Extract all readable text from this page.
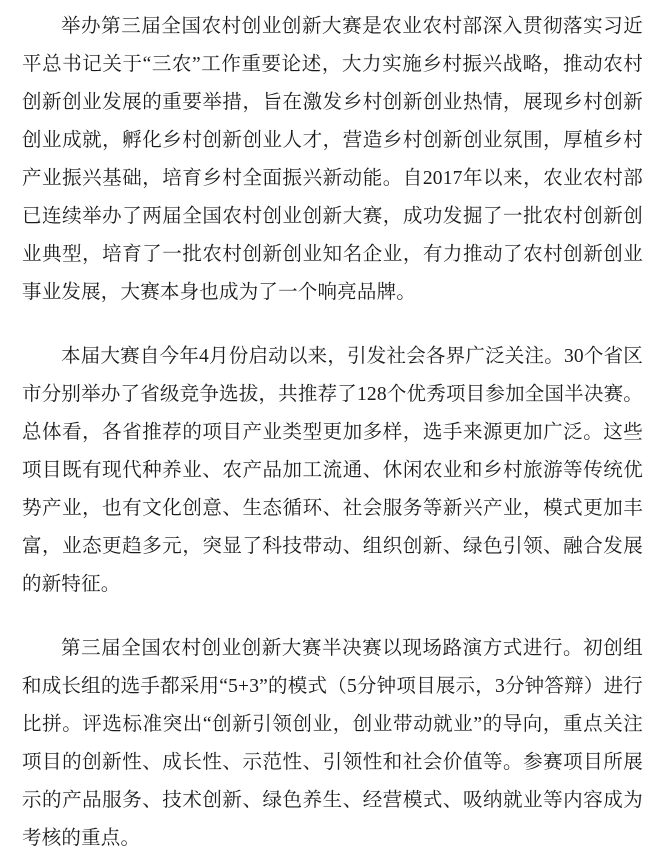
举办第三届全国农村创业创新大赛是农业农村部深入贯彻落实习近平总书记关于“三农”工作重要论述，大力实施乡村振兴战略，推动农村创新创业发展的重要举措，旨在激发乡村创新创业热情，展现乡村创新创业成就，孵化乡村创新创业人才，营造乡村创新创业氛围，厚植乡村产业振兴基础，培育乡村全面振兴新动能。自2017年以来，农业农村部已连续举办了两届全国农村创业创新大赛，成功发掘了一批农村创新创业典型，培育了一批农村创新创业知名企业，有力推动了农村创新创业事业发展，大赛本身也成为了一个响亮品牌。

本届大赛自今年4月份启动以来，引发社会各界广泛关注。30个省区市分别举办了省级竞争选拔，共推荐了128个优秀项目参加全国半决赛。总体看，各省推荐的项目产业类型更加多样，选手来源更加广泛。这些项目既有现代种养业、农产品加工流通、休闲农业和乡村旅游等传统优势产业，也有文化创意、生态循环、社会服务等新兴产业，模式更加丰富，业态更趋多元，突显了科技带动、组织创新、绿色引领、融合发展的新特征。

第三届全国农村创业创新大赛半决赛以现场路演方式进行。初创组和成长组的选手都采用“5+3”的模式（5分钟项目展示，3分钟答辩）进行比拼。评选标准突出“创新引领创业，创业带动就业”的导向，重点关注项目的创新性、成长性、示范性、引领性和社会价值等。参赛项目所展示的产品服务、技术创新、绿色养生、经营模式、吸纳就业等内容成为考核的重点。
